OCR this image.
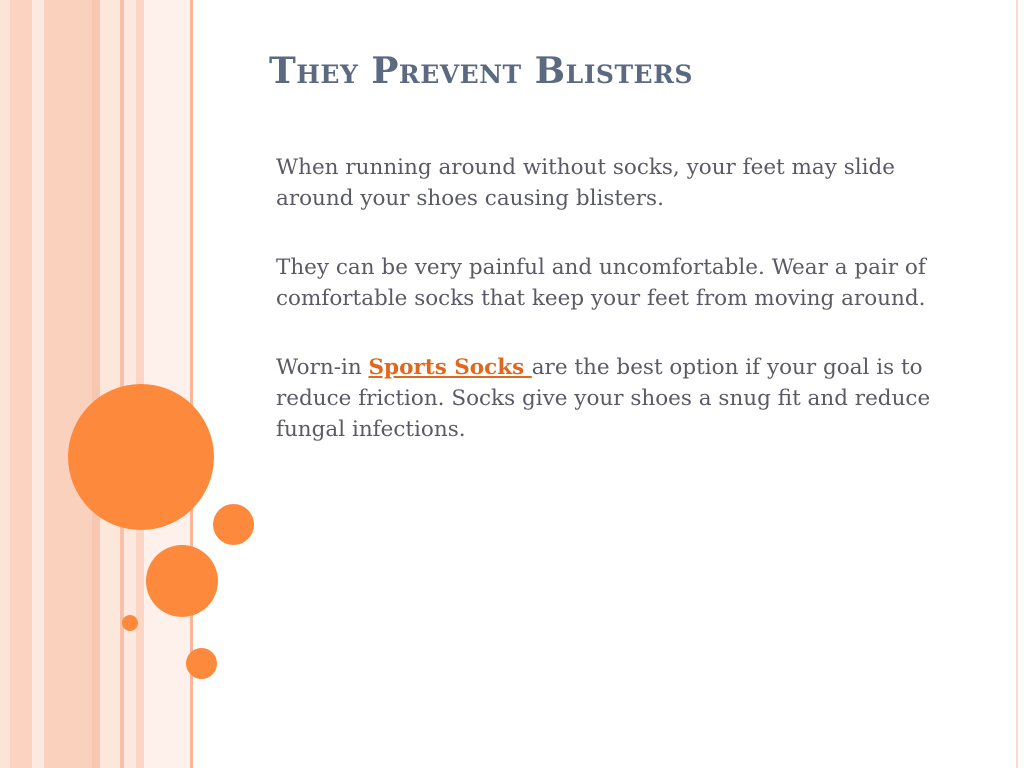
They Prevent Blisters

When running around without socks, your feet may slide around your shoes causing blisters.

They can be very painful and uncomfortable. Wear a pair of comfortable socks that keep your feet from moving around.

Worn-in Sports Socks are the best option if your goal is to reduce friction. Socks give your shoes a snug fit and reduce fungal infections.
